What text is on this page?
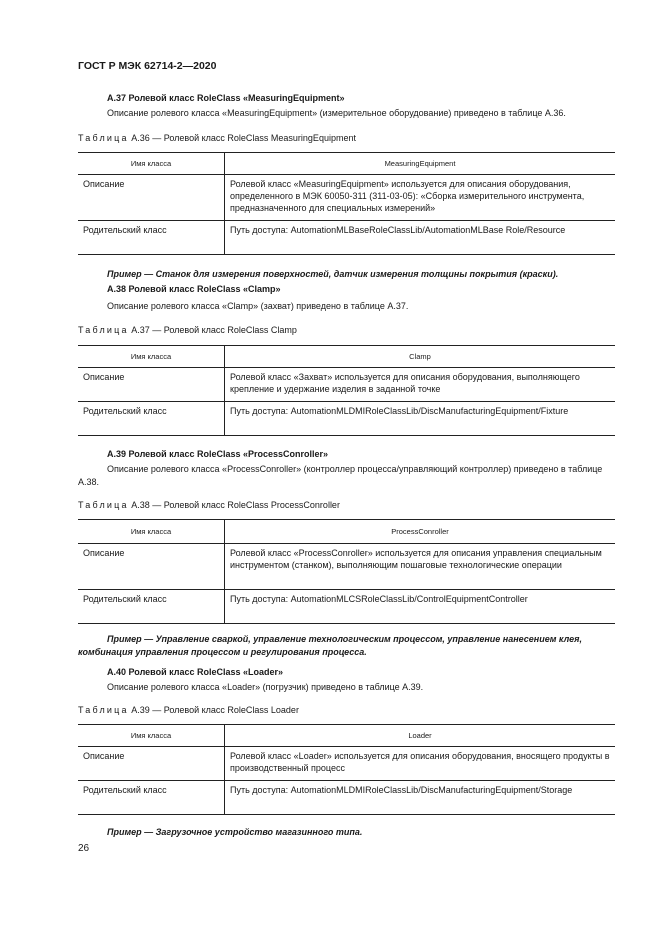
ГОСТ Р МЭК 62714-2—2020
А.37 Ролевой класс RoleClass «MeasuringEquipment»
Описание ролевого класса «MeasuringEquipment» (измерительное оборудование) приведено в таблице А.36.
Таблица А.36 — Ролевой класс RoleClass MeasuringEquipment
Имя класса	MeasuringEquipment
Описание	Ролевой класс «MeasuringEquipment» используется для описания оборудования, определенного в МЭК 60050-311 (311-03-05): «Сборка измерительного инструмента, предназначенного для специальных измерений»
Родительский класс	Путь доступа: AutomationMLBaseRoleClassLib/AutomationMLBase Role/Resource
Пример — Станок для измерения поверхностей, датчик измерения толщины покрытия (краски).
А.38 Ролевой класс RoleClass «Clamp»
Описание ролевого класса «Clamp» (захват) приведено в таблице А.37.
Таблица А.37 — Ролевой класс RoleClass Clamp
Имя класса	Clamp
Описание	Ролевой класс «Захват» используется для описания оборудования, выполняющего крепление и удержание изделия в заданной точке
Родительский класс	Путь доступа: AutomationMLDMIRoleClassLib/DiscManufacturingEquipment/Fixture
А.39 Ролевой класс RoleClass «ProcessConroller»
Описание ролевого класса «ProcessConroller» (контроллер процесса/управляющий контроллер) приведено в таблице А.38.
Таблица А.38 — Ролевой класс RoleClass ProcessConroller
Имя класса	ProcessConroller
Описание	Ролевой класс «ProcessConroller» используется для описания управления специальным инструментом (станком), выполняющим пошаговые технологические операции
Родительский класс	Путь доступа: AutomationMLCSRoleClassLib/ControlEquipmentController
Пример — Управление сваркой, управление технологическим процессом, управление нанесением клея, комбинация управления процессом и регулирования процесса.
А.40 Ролевой класс RoleClass «Loader»
Описание ролевого класса «Loader» (погрузчик) приведено в таблице А.39.
Таблица А.39 — Ролевой класс RoleClass Loader
Имя класса	Loader
Описание	Ролевой класс «Loader» используется для описания оборудования, вносящего продукты в производственный процесс
Родительский класс	Путь доступа: AutomationMLDMIRoleClassLib/DiscManufacturingEquipment/Storage
Пример — Загрузочное устройство магазинного типа.
26
